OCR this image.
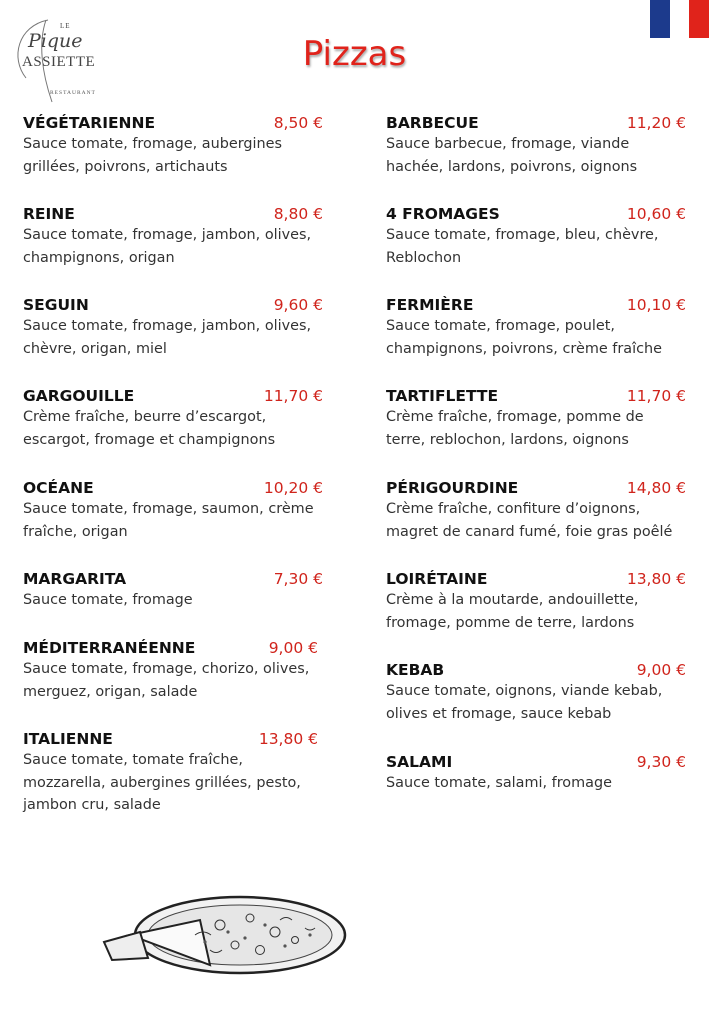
LE
Pique
ASSIETTE
RESTAURANT
Pizzas
VÉGÉTARIENNE	8,50 €
Sauce tomate, fromage, aubergines grillées, poivrons, artichauts
REINE	8,80 €
Sauce tomate, fromage, jambon, olives, champignons, origan
SEGUIN	9,60 €
Sauce tomate, fromage, jambon, olives, chèvre, origan, miel
GARGOUILLE	11,70 €
Crème fraîche, beurre d’escargot, escargot, fromage et champignons
OCÉANE	10,20 €
Sauce tomate, fromage, saumon, crème fraîche, origan
MARGARITA	7,30 €
Sauce tomate, fromage
MÉDITERRANÉENNE	9,00 €
Sauce tomate, fromage, chorizo, olives, merguez, origan, salade
ITALIENNE	13,80 €
Sauce tomate, tomate fraîche, mozzarella, aubergines grillées, pesto, jambon cru, salade
BARBECUE	11,20 €
Sauce barbecue, fromage, viande hachée, lardons, poivrons, oignons
4 FROMAGES	10,60 €
Sauce tomate, fromage, bleu, chèvre, Reblochon
FERMIÈRE	10,10 €
Sauce tomate, fromage, poulet, champignons, poivrons, crème fraîche
TARTIFLETTE	11,70 €
Crème fraîche, fromage, pomme de terre, reblochon, lardons, oignons
PÉRIGOURDINE	14,80 €
Crème fraîche, confiture d’oignons, magret de canard fumé, foie gras poêlé
LOIRÉTAINE	13,80 €
Crème à la moutarde, andouillette, fromage, pomme de terre, lardons
KEBAB	9,00 €
Sauce tomate, oignons, viande kebab, olives et fromage, sauce kebab
SALAMI	9,30 €
Sauce tomate, salami, fromage
